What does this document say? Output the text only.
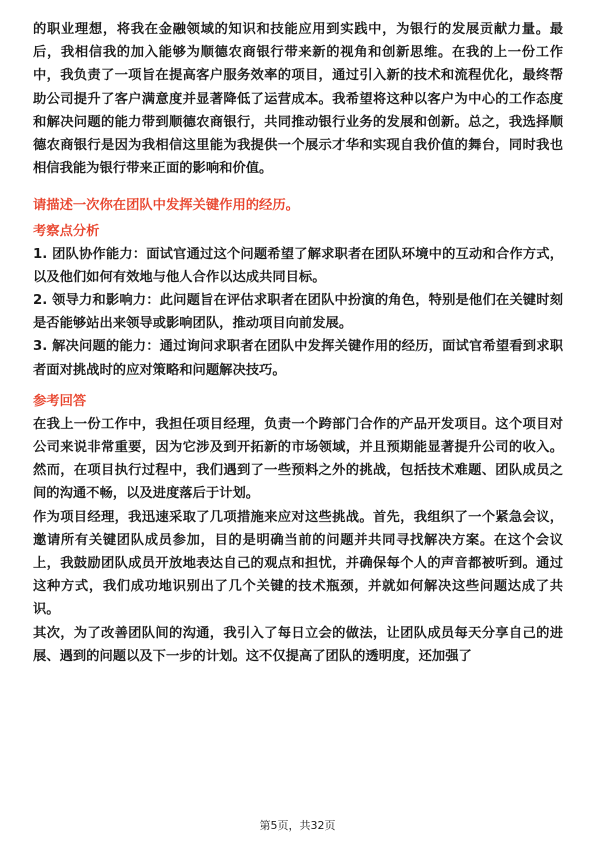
的职业理想，将我在金融领域的知识和技能应用到实践中，为银行的发展贡献力量。最后，我相信我的加入能够为顺德农商银行带来新的视角和创新思维。在我的上一份工作中，我负责了一项旨在提高客户服务效率的项目，通过引入新的技术和流程优化，最终帮助公司提升了客户满意度并显著降低了运营成本。我希望将这种以客户为中心的工作态度和解决问题的能力带到顺德农商银行，共同推动银行业务的发展和创新。总之，我选择顺德农商银行是因为我相信这里能为我提供一个展示才华和实现自我价值的舞台，同时我也相信我能为银行带来正面的影响和价值。

请描述一次你在团队中发挥关键作用的经历。
考察点分析

1. 团队协作能力：面试官通过这个问题希望了解求职者在团队环境中的互动和合作方式，以及他们如何有效地与他人合作以达成共同目标。

2. 领导力和影响力：此问题旨在评估求职者在团队中扮演的角色，特别是他们在关键时刻是否能够站出来领导或影响团队，推动项目向前发展。

3. 解决问题的能力：通过询问求职者在团队中发挥关键作用的经历，面试官希望看到求职者面对挑战时的应对策略和问题解决技巧。

参考回答

在我上一份工作中，我担任项目经理，负责一个跨部门合作的产品开发项目。这个项目对公司来说非常重要，因为它涉及到开拓新的市场领域，并且预期能显著提升公司的收入。然而，在项目执行过程中，我们遇到了一些预料之外的挑战，包括技术难题、团队成员之间的沟通不畅，以及进度落后于计划。

作为项目经理，我迅速采取了几项措施来应对这些挑战。首先，我组织了一个紧急会议，邀请所有关键团队成员参加，目的是明确当前的问题并共同寻找解决方案。在这个会议上，我鼓励团队成员开放地表达自己的观点和担忧，并确保每个人的声音都被听到。通过这种方式，我们成功地识别出了几个关键的技术瓶颈，并就如何解决这些问题达成了共识。

其次，为了改善团队间的沟通，我引入了每日立会的做法，让团队成员每天分享自己的进展、遇到的问题以及下一步的计划。这不仅提高了团队的透明度，还加强了

第5页，共32页
